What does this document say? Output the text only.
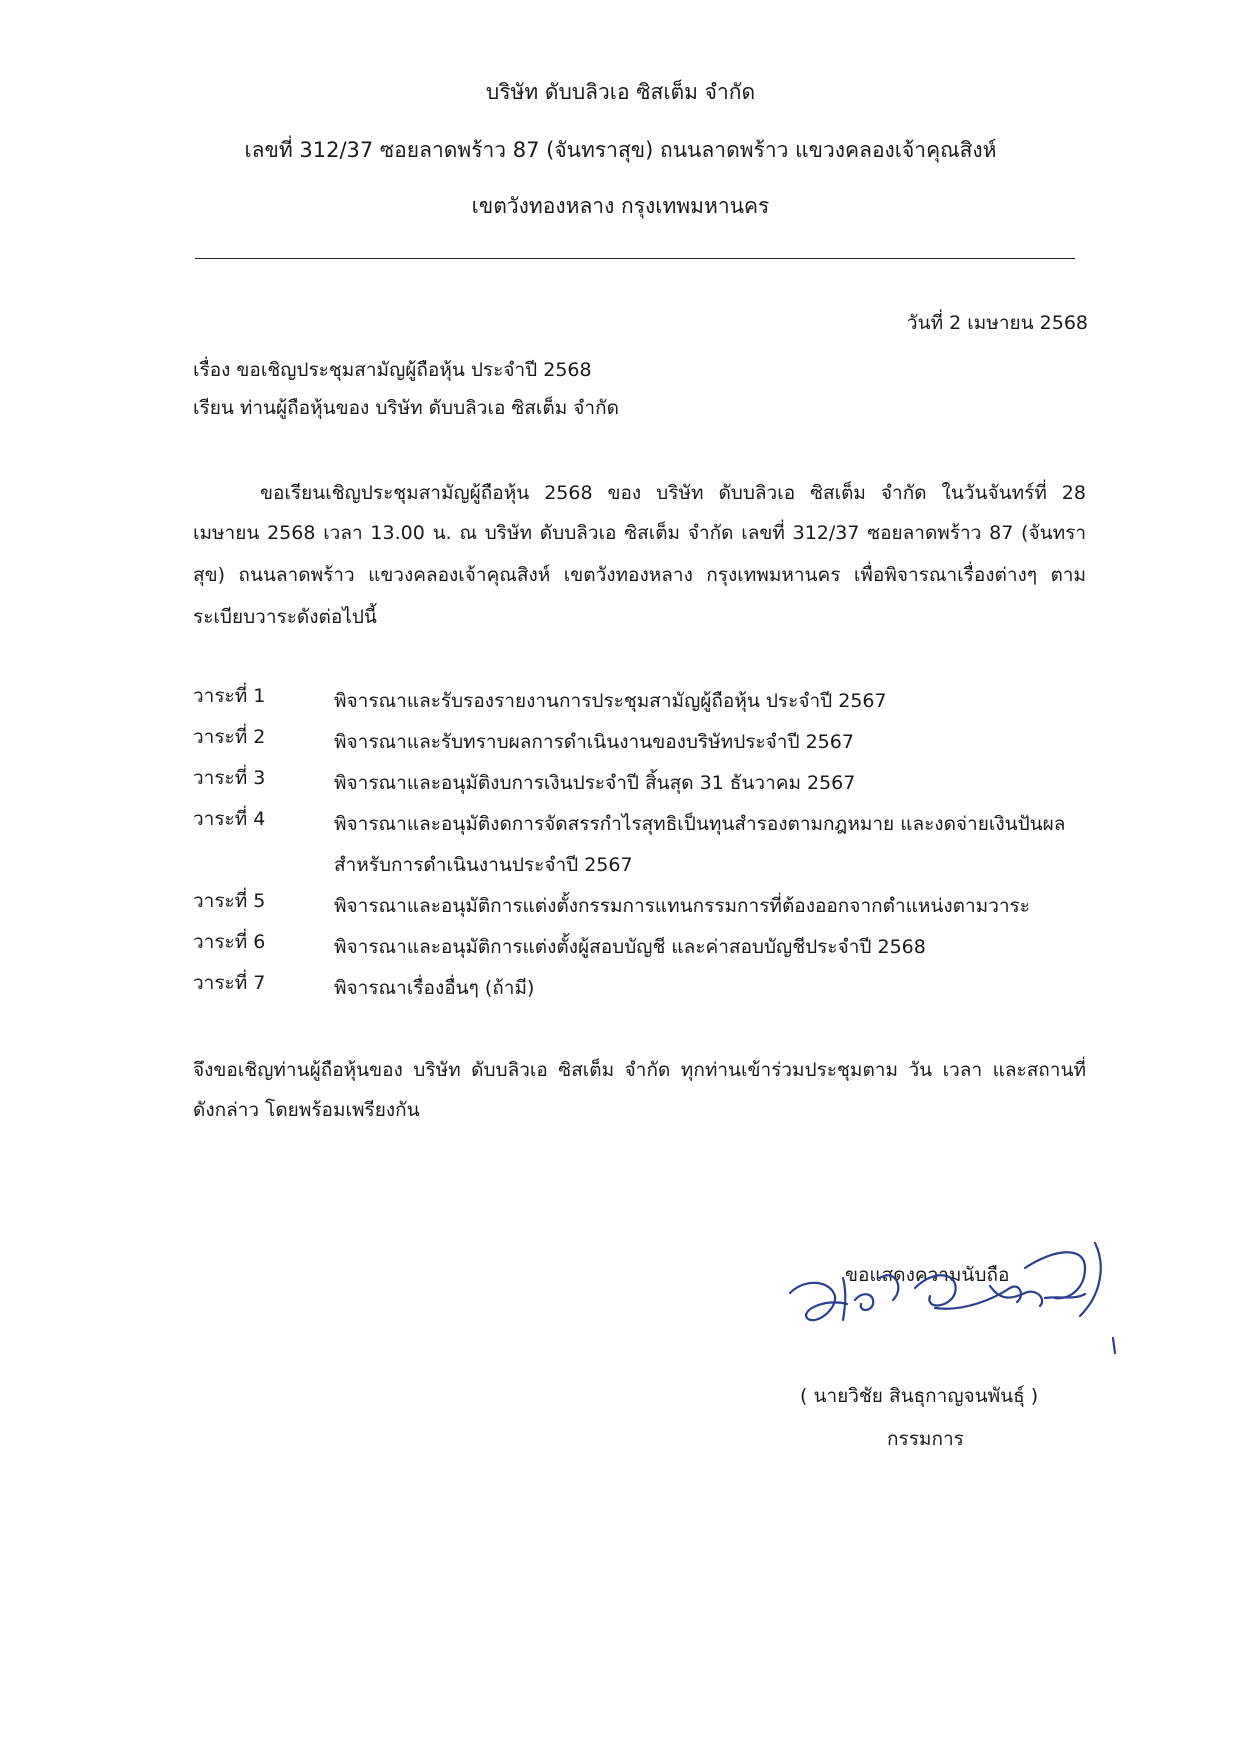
บริษัท ดับบลิวเอ ซิสเต็ม จำกัด
เลขที่ 312/37 ซอยลาดพร้าว 87 (จันทราสุข) ถนนลาดพร้าว แขวงคลองเจ้าคุณสิงห์
เขตวังทองหลาง กรุงเทพมหานคร
วันที่ 2 เมษายน 2568
เรื่อง ขอเชิญประชุมสามัญผู้ถือหุ้น ประจำปี 2568
เรียน ท่านผู้ถือหุ้นของ บริษัท ดับบลิวเอ ซิสเต็ม จำกัด
ขอเรียนเชิญประชุมสามัญผู้ถือหุ้น 2568 ของ บริษัท ดับบลิวเอ ซิสเต็ม จำกัด ในวันจันทร์ที่ 28
เมษายน 2568 เวลา 13.00 น. ณ บริษัท ดับบลิวเอ ซิสเต็ม จำกัด เลขที่ 312/37 ซอยลาดพร้าว 87 (จันทรา
สุข) ถนนลาดพร้าว แขวงคลองเจ้าคุณสิงห์ เขตวังทองหลาง กรุงเทพมหานคร เพื่อพิจารณาเรื่องต่างๆ ตาม
ระเบียบวาระดังต่อไปนี้
วาระที่ 1	พิจารณาและรับรองรายงานการประชุมสามัญผู้ถือหุ้น ประจำปี 2567
วาระที่ 2	พิจารณาและรับทราบผลการดำเนินงานของบริษัทประจำปี 2567
วาระที่ 3	พิจารณาและอนุมัติงบการเงินประจำปี สิ้นสุด 31 ธันวาคม 2567
วาระที่ 4	พิจารณาและอนุมัติงดการจัดสรรกำไรสุทธิเป็นทุนสำรองตามกฎหมาย และงดจ่ายเงินปันผล
สำหรับการดำเนินงานประจำปี 2567
วาระที่ 5	พิจารณาและอนุมัติการแต่งตั้งกรรมการแทนกรรมการที่ต้องออกจากตำแหน่งตามวาระ
วาระที่ 6	พิจารณาและอนุมัติการแต่งตั้งผู้สอบบัญชี และค่าสอบบัญชีประจำปี 2568
วาระที่ 7	พิจารณาเรื่องอื่นๆ (ถ้ามี)
จึงขอเชิญท่านผู้ถือหุ้นของ บริษัท ดับบลิวเอ ซิสเต็ม จำกัด ทุกท่านเข้าร่วมประชุมตาม วัน เวลา และสถานที่
ดังกล่าว โดยพร้อมเพรียงกัน
ขอแสดงความนับถือ
( นายวิชัย สินธุกาญจนพันธุ์ )
กรรมการ
